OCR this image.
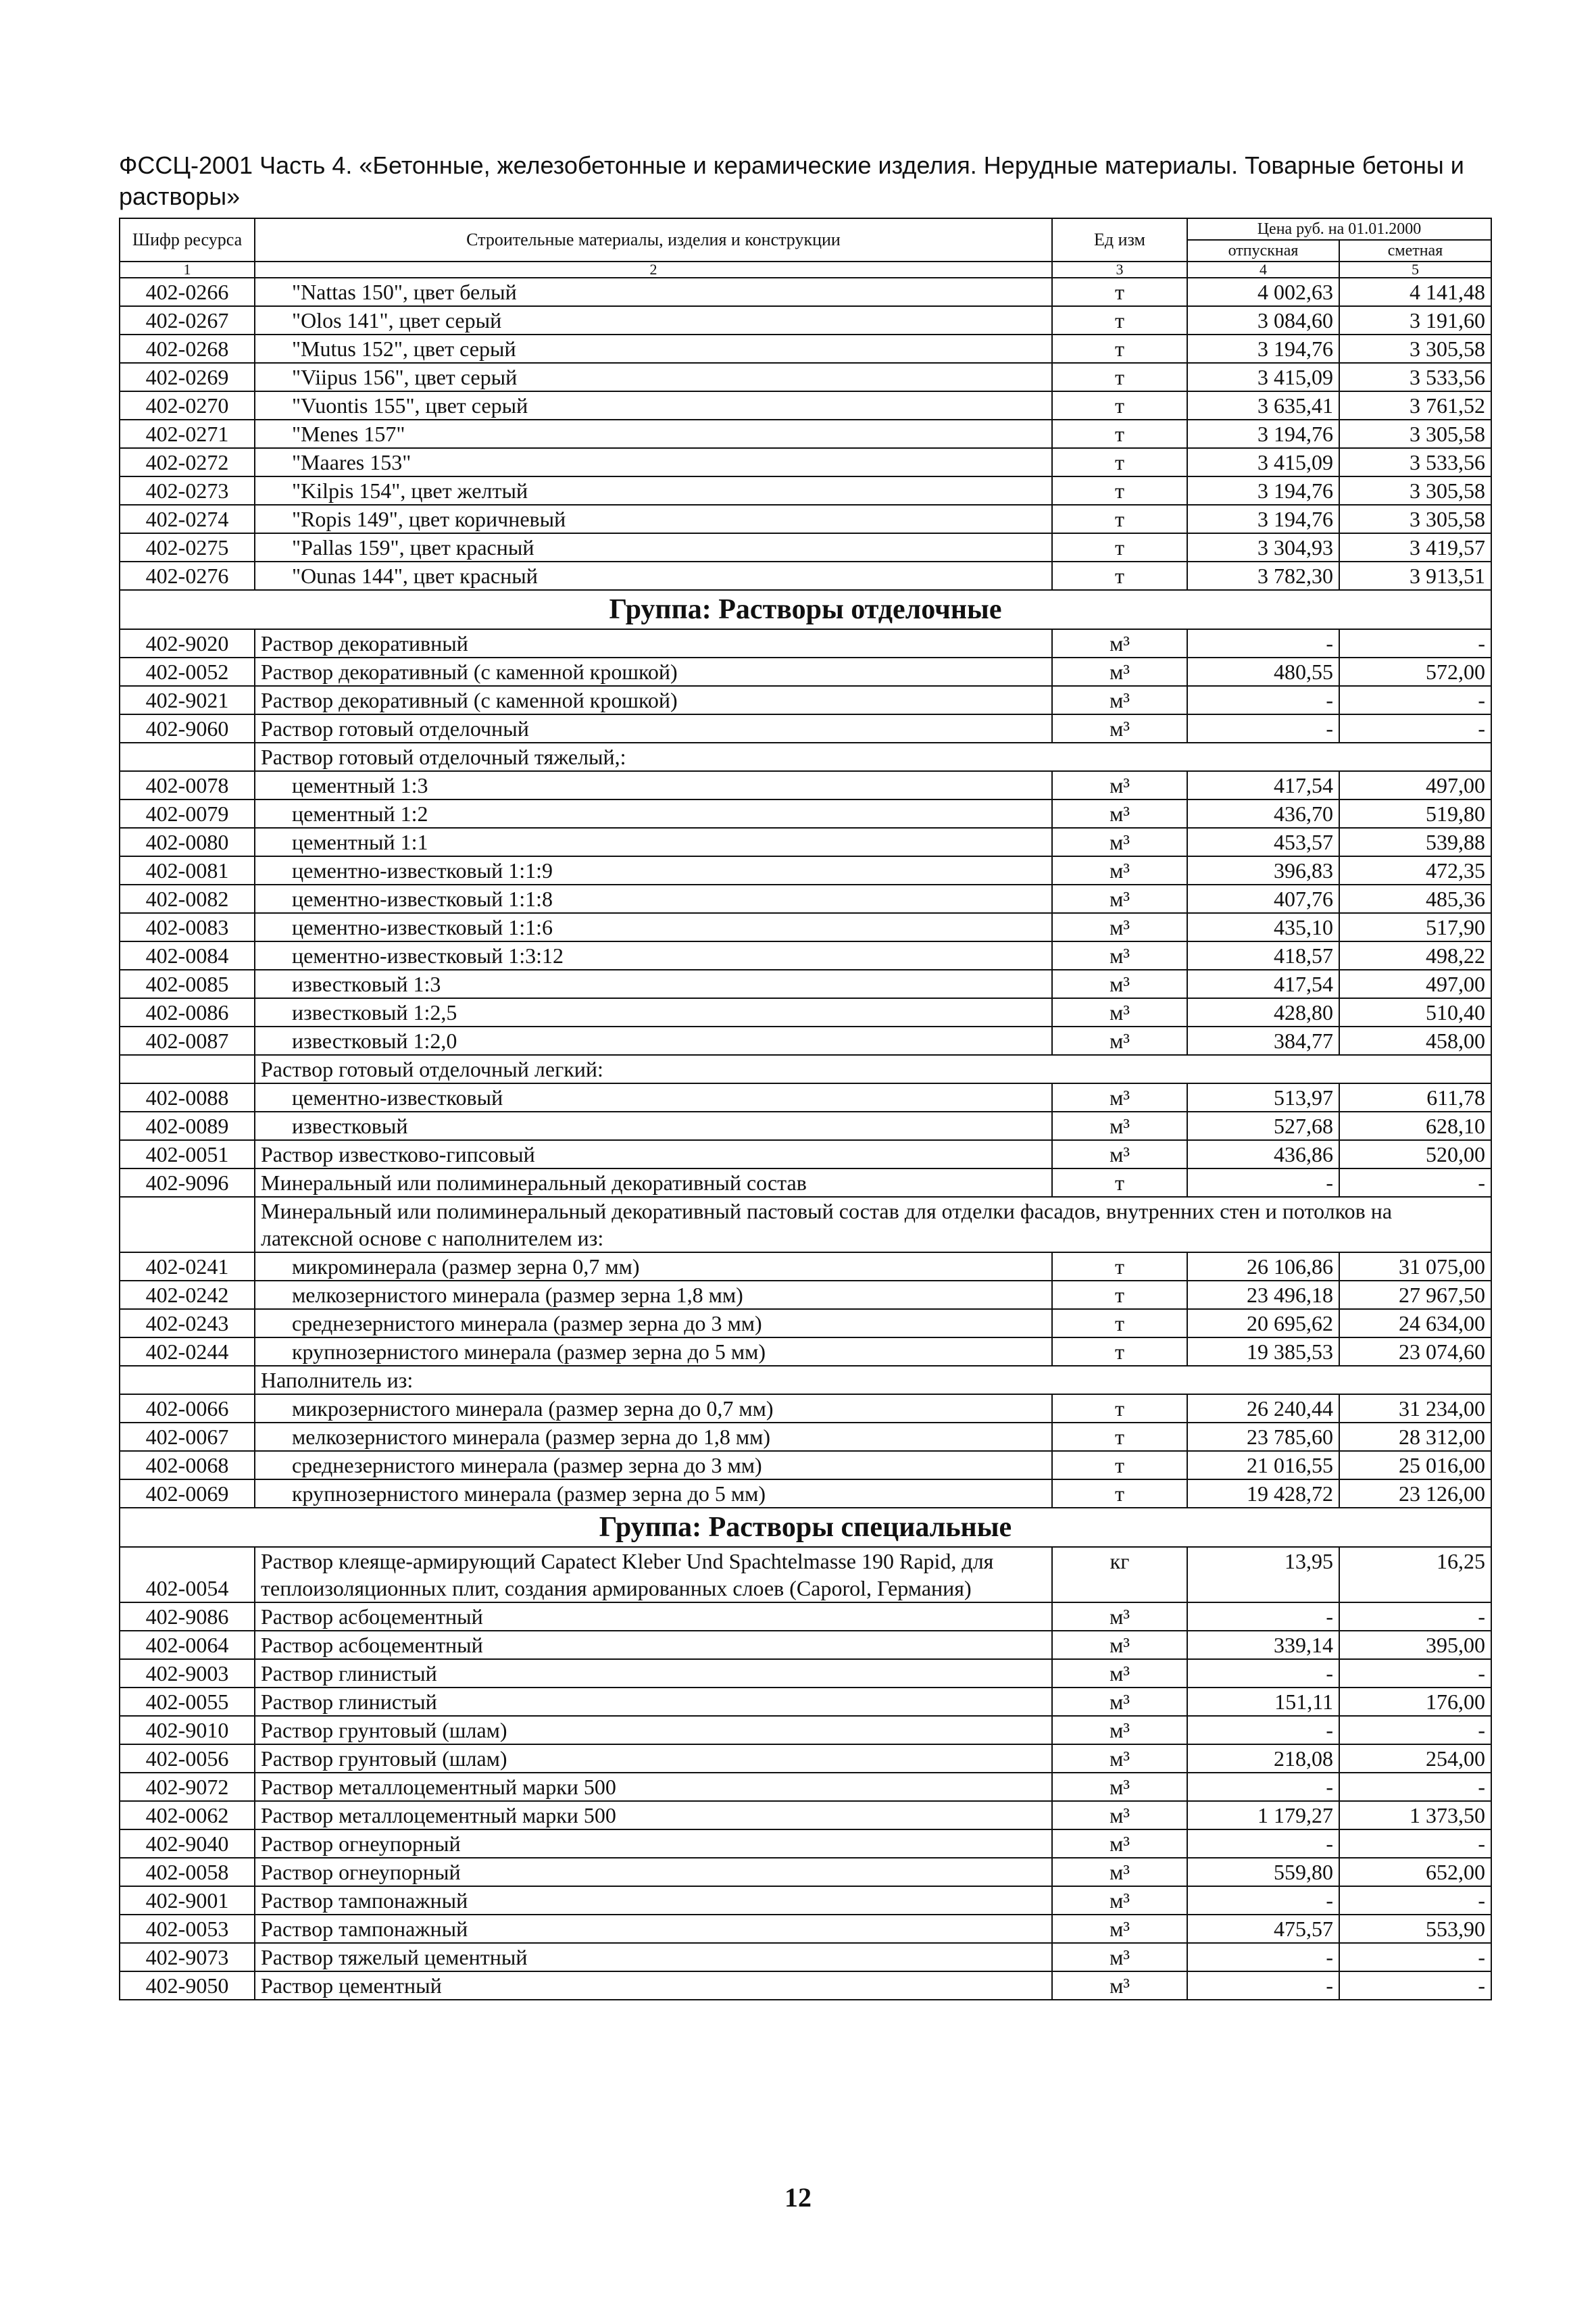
ФССЦ-2001 Часть 4. «Бетонные, железобетонные и керамические изделия. Нерудные материалы. Товарные бетоны и растворы»
Шифр ресурса	Строительные материалы, изделия и конструкции	Ед изм	Цена руб. на 01.01.2000	
			отпускная	сметная
1	2	3	4	5
402-0266	"Nattas 150", цвет белый	т	4 002,63	4 141,48
402-0267	"Olos 141", цвет серый	т	3 084,60	3 191,60
402-0268	"Mutus 152", цвет серый	т	3 194,76	3 305,58
402-0269	"Viipus 156", цвет серый	т	3 415,09	3 533,56
402-0270	"Vuontis 155", цвет серый	т	3 635,41	3 761,52
402-0271	"Menes 157"	т	3 194,76	3 305,58
402-0272	"Maares 153"	т	3 415,09	3 533,56
402-0273	"Kilpis 154", цвет желтый	т	3 194,76	3 305,58
402-0274	"Ropis 149", цвет коричневый	т	3 194,76	3 305,58
402-0275	"Pallas 159", цвет красный	т	3 304,93	3 419,57
402-0276	"Ounas 144", цвет красный	т	3 782,30	3 913,51
Группа: Растворы отделочные				
402-9020	Раствор декоративный	м³	-	-
402-0052	Раствор декоративный (с каменной крошкой)	м³	480,55	572,00
402-9021	Раствор декоративный (с каменной крошкой)	м³	-	-
402-9060	Раствор готовый отделочный	м³	-	-
	Раствор готовый отделочный тяжелый,:			
402-0078	цементный 1:3	м³	417,54	497,00
402-0079	цементный 1:2	м³	436,70	519,80
402-0080	цементный 1:1	м³	453,57	539,88
402-0081	цементно-известковый 1:1:9	м³	396,83	472,35
402-0082	цементно-известковый 1:1:8	м³	407,76	485,36
402-0083	цементно-известковый 1:1:6	м³	435,10	517,90
402-0084	цементно-известковый 1:3:12	м³	418,57	498,22
402-0085	известковый 1:3	м³	417,54	497,00
402-0086	известковый 1:2,5	м³	428,80	510,40
402-0087	известковый 1:2,0	м³	384,77	458,00
	Раствор готовый отделочный легкий:			
402-0088	цементно-известковый	м³	513,97	611,78
402-0089	известковый	м³	527,68	628,10
402-0051	Раствор известково-гипсовый	м³	436,86	520,00
402-9096	Минеральный или полиминеральный декоративный состав	т	-	-
	Минеральный или полиминеральный декоративный пастовый состав для отделки фасадов, внутренних стен и потолков на латексной основе с наполнителем из:			
402-0241	микроминерала (размер зерна 0,7 мм)	т	26 106,86	31 075,00
402-0242	мелкозернистого минерала (размер зерна 1,8 мм)	т	23 496,18	27 967,50
402-0243	среднезернистого минерала (размер зерна до 3 мм)	т	20 695,62	24 634,00
402-0244	крупнозернистого минерала (размер зерна до 5 мм)	т	19 385,53	23 074,60
	Наполнитель из:			
402-0066	микрозернистого минерала (размер зерна до 0,7 мм)	т	26 240,44	31 234,00
402-0067	мелкозернистого минерала (размер зерна до 1,8 мм)	т	23 785,60	28 312,00
402-0068	среднезернистого минерала (размер зерна до 3 мм)	т	21 016,55	25 016,00
402-0069	крупнозернистого минерала (размер зерна до 5 мм)	т	19 428,72	23 126,00
Группа: Растворы специальные				
402-0054	Раствор клеяще-армирующий Capatect Kleber Und Spachtelmasse 190 Rapid, для теплоизоляционных плит, создания армированных слоев (Caporol, Германия)	кг	13,95	16,25
402-9086	Раствор асбоцементный	м³	-	-
402-0064	Раствор асбоцементный	м³	339,14	395,00
402-9003	Раствор глинистый	м³	-	-
402-0055	Раствор глинистый	м³	151,11	176,00
402-9010	Раствор грунтовый (шлам)	м³	-	-
402-0056	Раствор грунтовый (шлам)	м³	218,08	254,00
402-9072	Раствор металлоцементный марки 500	м³	-	-
402-0062	Раствор металлоцементный марки 500	м³	1 179,27	1 373,50
402-9040	Раствор огнеупорный	м³	-	-
402-0058	Раствор огнеупорный	м³	559,80	652,00
402-9001	Раствор тампонажный	м³	-	-
402-0053	Раствор тампонажный	м³	475,57	553,90
402-9073	Раствор тяжелый цементный	м³	-	-
402-9050	Раствор цементный	м³	-	-
12
